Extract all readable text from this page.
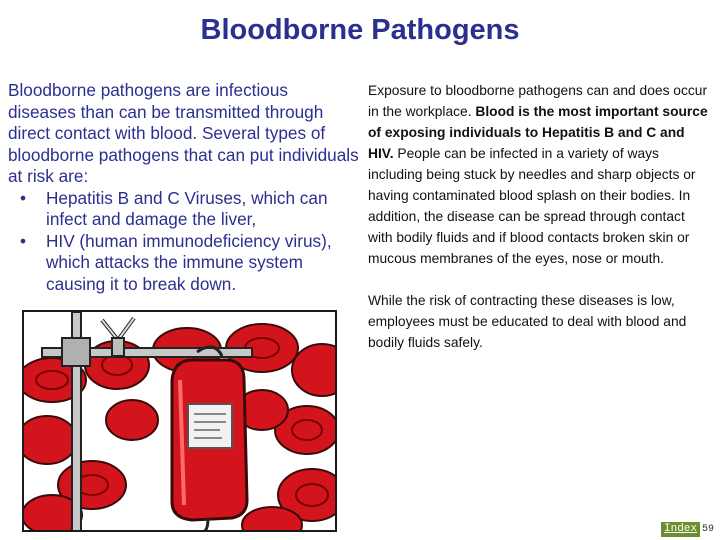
Bloodborne Pathogens

Bloodborne pathogens are infectious diseases than can be transmitted through direct contact with blood. Several types of bloodborne pathogens that can put individuals at risk are:

• Hepatitis B and C Viruses, which can infect and damage the liver,
• HIV (human immunodeficiency virus), which attacks the immune system causing it to break down.

Exposure to bloodborne pathogens can and does occur in the workplace. Blood is the most important source of exposing individuals to Hepatitis B and C and HIV. People can be infected in a variety of ways including being stuck by needles and sharp objects or having contaminated blood splash on their bodies. In addition, the disease can be spread through contact with bodily fluids and if blood contacts broken skin or mucous membranes of the eyes, nose or mouth.

While the risk of contracting these diseases is low, employees must be educated to deal with blood and bodily fluids safely.

Index 59
